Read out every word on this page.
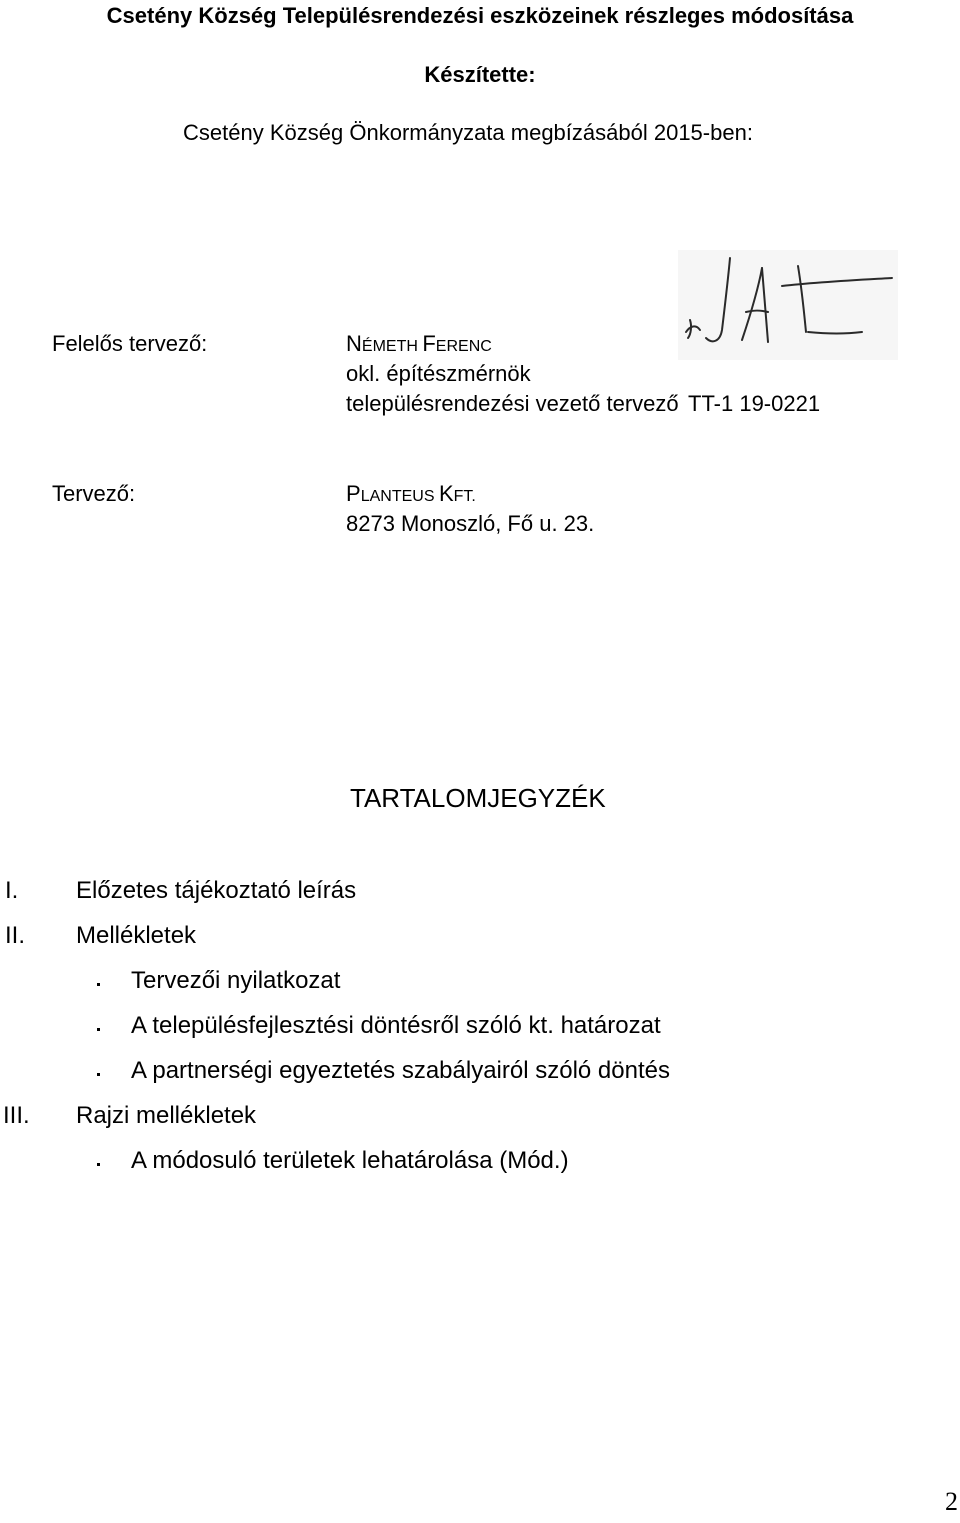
Csetény Község Településrendezési eszközeinek részleges módosítása
Készítette:
Csetény Község Önkormányzata megbízásából 2015-ben:
Felelős tervező:	NÉMETH FERENC
okl. építészmérnök
településrendezési vezető tervező TT-1 19-0221
Tervező:	PLANTEUS KFT.
8273 Monoszló, Fő u. 23.
TARTALOMJEGYZÉK
I. Előzetes tájékoztató leírás
II. Mellékletek
Tervezői nyilatkozat
A településfejlesztési döntésről szóló kt. határozat
A partnerségi egyeztetés szabályairól szóló döntés
III. Rajzi mellékletek
A módosuló területek lehatárolása (Mód.)
2
